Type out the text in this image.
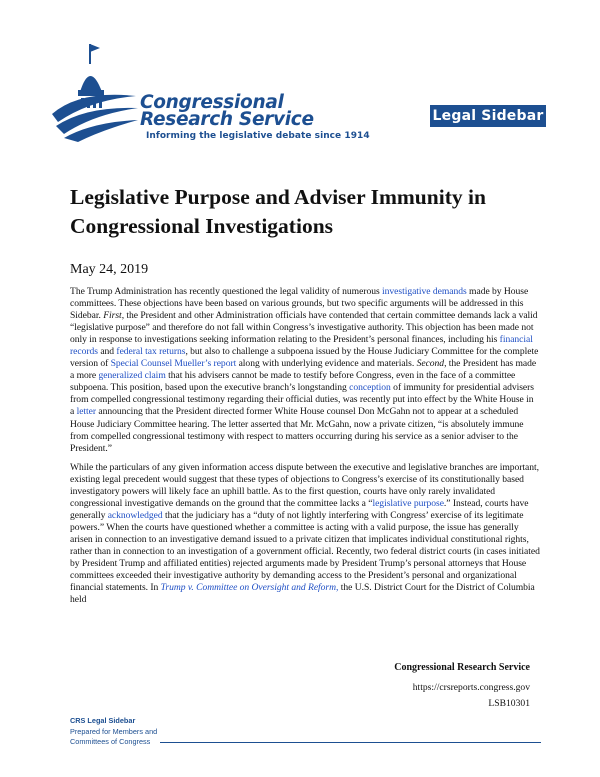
Congressional
Research Service
Informing the legislative debate since 1914
Legal Sidebar
Legislative Purpose and Adviser Immunity in Congressional Investigations
May 24, 2019

The Trump Administration has recently questioned the legal validity of numerous investigative demands made by House committees. These objections have been based on various grounds, but two specific arguments will be addressed in this Sidebar. First, the President and other Administration officials have contended that certain committee demands lack a valid “legislative purpose” and therefore do not fall within Congress’s investigative authority. This objection has been made not only in response to investigations seeking information relating to the President’s personal finances, including his financial records and federal tax returns, but also to challenge a subpoena issued by the House Judiciary Committee for the complete version of Special Counsel Mueller’s report along with underlying evidence and materials. Second, the President has made a more generalized claim that his advisers cannot be made to testify before Congress, even in the face of a committee subpoena. This position, based upon the executive branch’s longstanding conception of immunity for presidential advisers from compelled congressional testimony regarding their official duties, was recently put into effect by the White House in a letter announcing that the President directed former White House counsel Don McGahn not to appear at a scheduled House Judiciary Committee hearing. The letter asserted that Mr. McGahn, now a private citizen, “is absolutely immune from compelled congressional testimony with respect to matters occurring during his service as a senior adviser to the President.”

While the particulars of any given information access dispute between the executive and legislative branches are important, existing legal precedent would suggest that these types of objections to Congress’s exercise of its constitutionally based investigatory powers will likely face an uphill battle. As to the first question, courts have only rarely invalidated congressional investigative demands on the ground that the committee lacks a “legislative purpose.” Instead, courts have generally acknowledged that the judiciary has a “duty of not lightly interfering with Congress’ exercise of its legitimate powers.” When the courts have questioned whether a committee is acting with a valid purpose, the issue has generally arisen in connection to an investigative demand issued to a private citizen that implicates individual constitutional rights, rather than in connection to an investigation of a government official. Recently, two federal district courts (in cases initiated by President Trump and affiliated entities) rejected arguments made by President Trump’s personal attorneys that House committees exceeded their investigative authority by demanding access to the President’s personal and organizational financial statements. In Trump v. Committee on Oversight and Reform, the U.S. District Court for the District of Columbia held

Congressional Research Service
https://crsreports.congress.gov
LSB10301
CRS Legal Sidebar
Prepared for Members and
Committees of Congress
